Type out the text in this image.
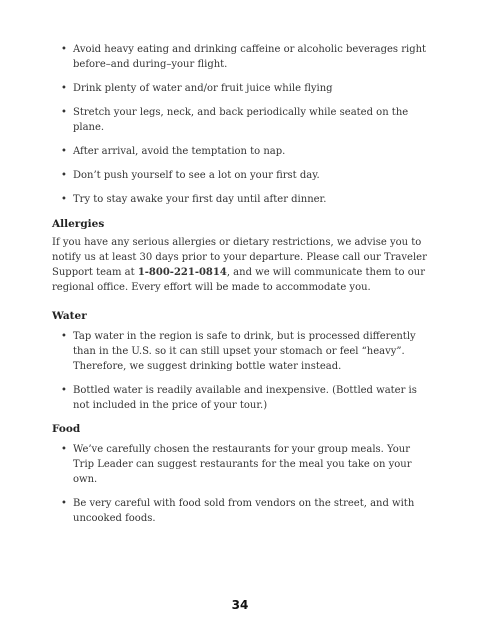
• Avoid heavy eating and drinking caffeine or alcoholic beverages right before–and during–your flight.
• Drink plenty of water and/or fruit juice while flying
• Stretch your legs, neck, and back periodically while seated on the plane.
• After arrival, avoid the temptation to nap.
• Don’t push yourself to see a lot on your first day.
• Try to stay awake your first day until after dinner.
Allergies

If you have any serious allergies or dietary restrictions, we advise you to notify us at least 30 days prior to your departure. Please call our Traveler Support team at 1-800-221-0814, and we will communicate them to our regional office. Every effort will be made to accommodate you.

Water
• Tap water in the region is safe to drink, but is processed differently than in the U.S. so it can still upset your stomach or feel “heavy”. Therefore, we suggest drinking bottle water instead.
• Bottled water is readily available and inexpensive. (Bottled water is not included in the price of your tour.)
Food
• We’ve carefully chosen the restaurants for your group meals. Your Trip Leader can suggest restaurants for the meal you take on your own.
• Be very careful with food sold from vendors on the street, and with uncooked foods.
34
